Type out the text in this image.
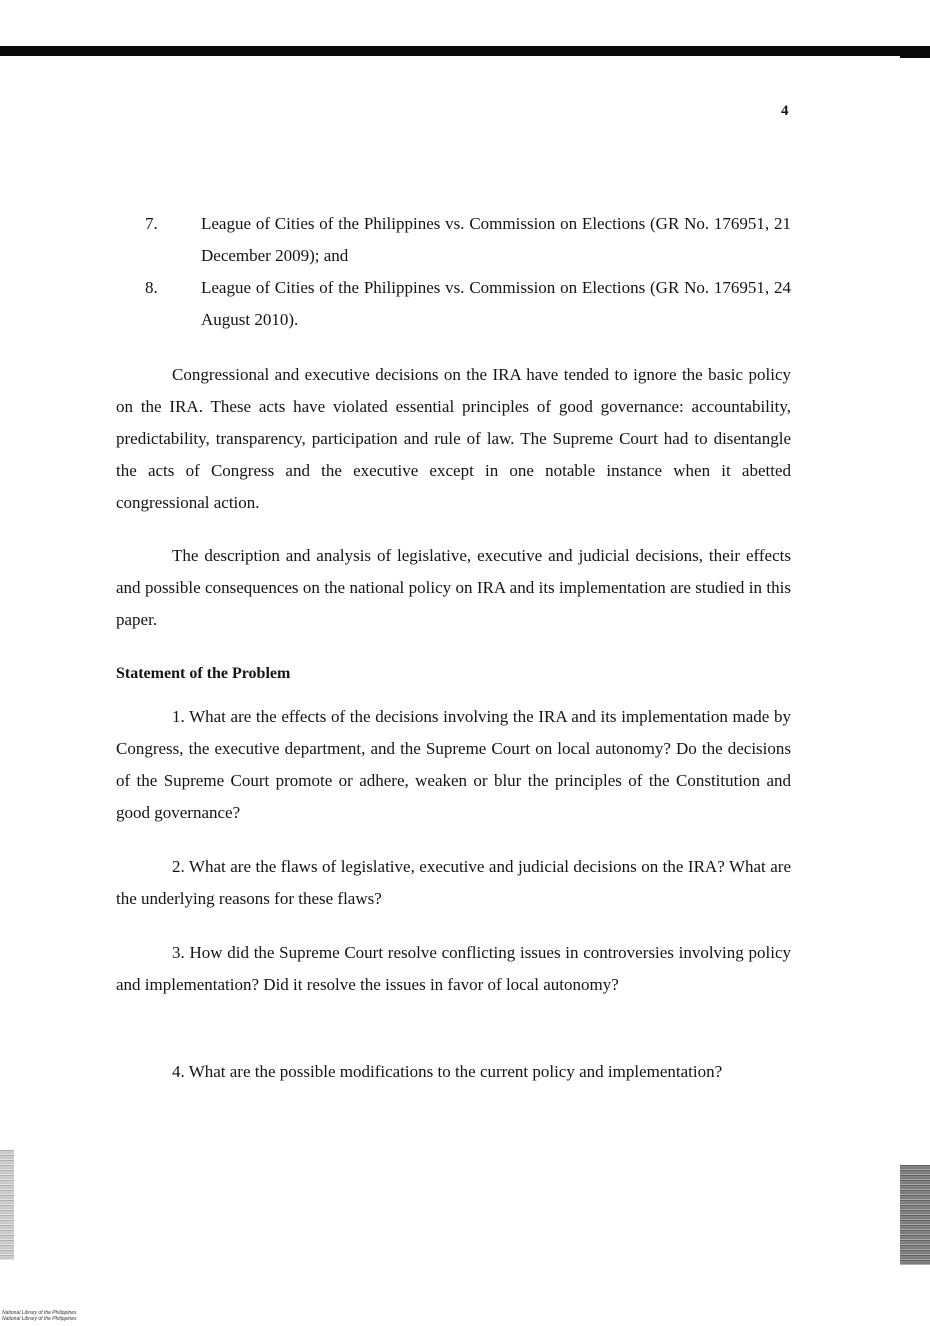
4
7.	League of Cities of the Philippines vs. Commission on Elections (GR No. 176951, 21 December 2009); and
8.	League of Cities of the Philippines vs. Commission on Elections (GR No. 176951, 24 August 2010).
Congressional and executive decisions on the IRA have tended to ignore the basic policy on the IRA. These acts have violated essential principles of good governance: accountability, predictability, transparency, participation and rule of law. The Supreme Court had to disentangle the acts of Congress and the executive except in one notable instance when it abetted congressional action.
The description and analysis of legislative, executive and judicial decisions, their effects and possible consequences on the national policy on IRA and its implementation are studied in this paper.
Statement of the Problem
1. What are the effects of the decisions involving the IRA and its implementation made by Congress, the executive department, and the Supreme Court on local autonomy? Do the decisions of the Supreme Court promote or adhere, weaken or blur the principles of the Constitution and good governance?
2. What are the flaws of legislative, executive and judicial decisions on the IRA? What are the underlying reasons for these flaws?
3. How did the Supreme Court resolve conflicting issues in controversies involving policy and implementation? Did it resolve the issues in favor of local autonomy?
4. What are the possible modifications to the current policy and implementation?
National Library of the Philippines
National Library of the Philippines
